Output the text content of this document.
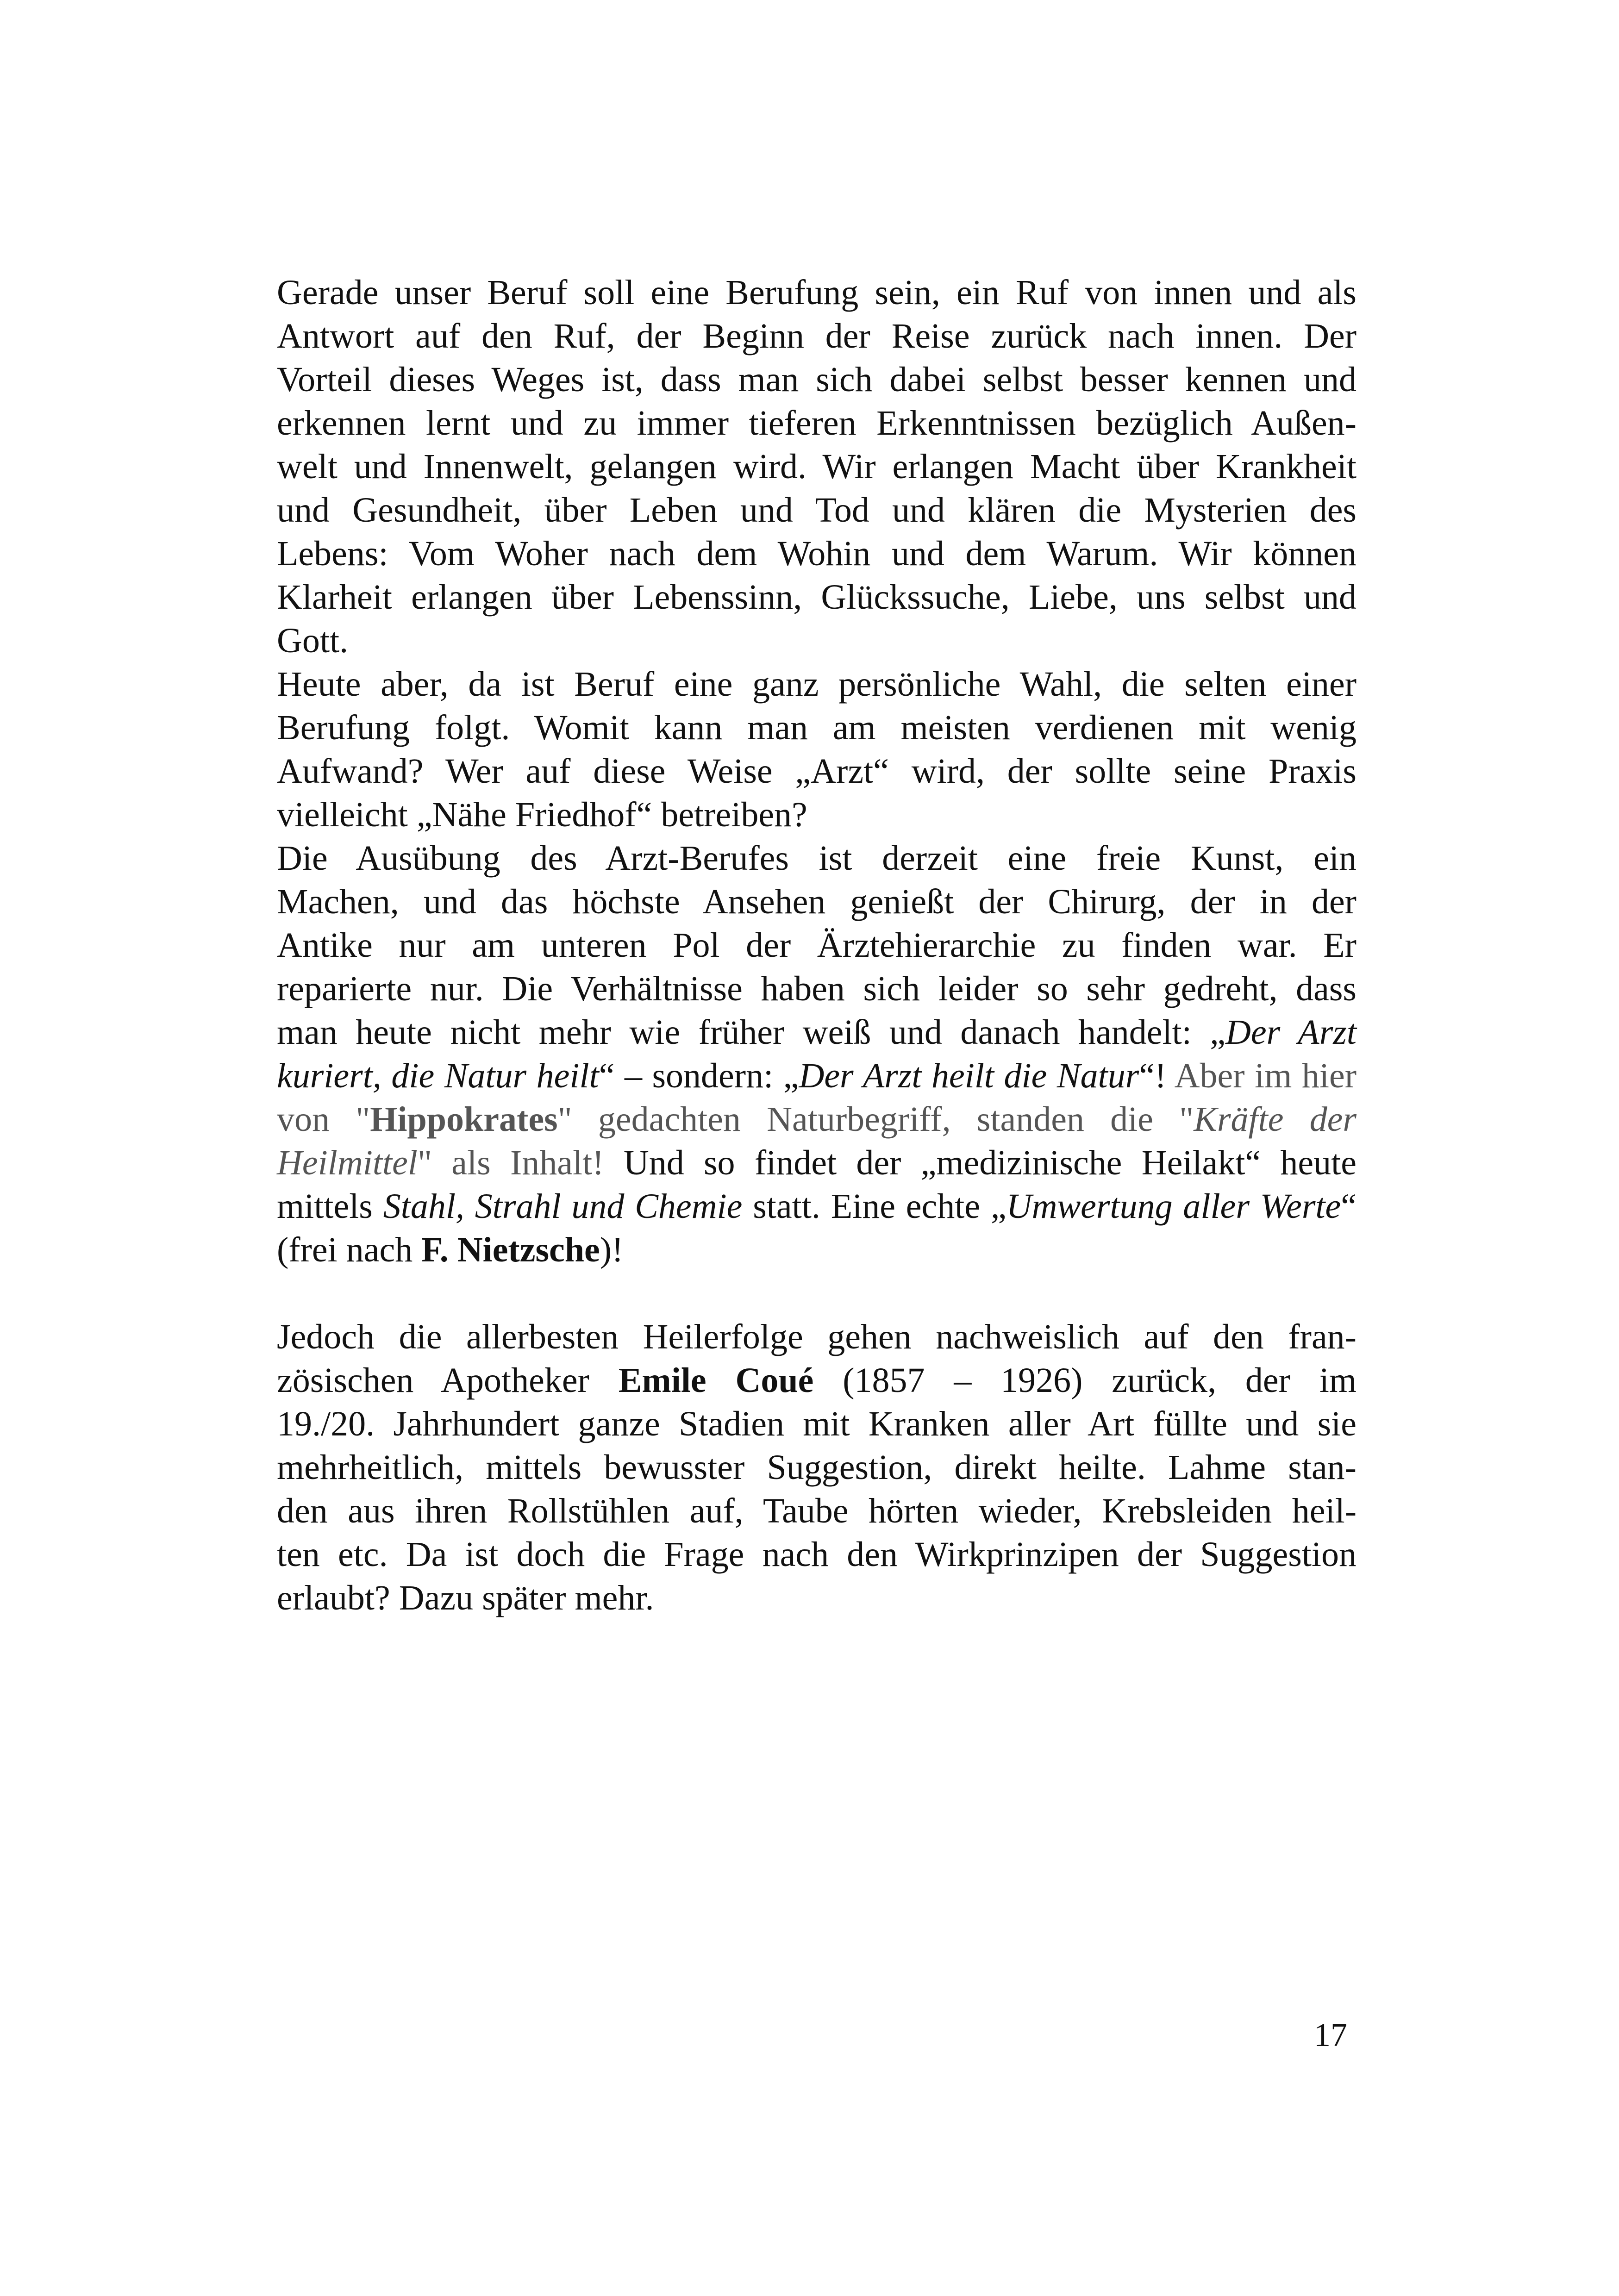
Gerade unser Beruf soll eine Berufung sein, ein Ruf von innen und als
Antwort auf den Ruf, der Beginn der Reise zurück nach innen. Der
Vorteil dieses Weges ist, dass man sich dabei selbst besser kennen und
erkennen lernt und zu immer tieferen Erkenntnissen bezüglich Außen-
welt und Innenwelt, gelangen wird. Wir erlangen Macht über Krankheit
und Gesundheit, über Leben und Tod und klären die Mysterien des
Lebens: Vom Woher nach dem Wohin und dem Warum. Wir können
Klarheit erlangen über Lebenssinn, Glückssuche, Liebe, uns selbst und
Gott.
Heute aber, da ist Beruf eine ganz persönliche Wahl, die selten einer
Berufung folgt. Womit kann man am meisten verdienen mit wenig
Aufwand? Wer auf diese Weise „Arzt“ wird, der sollte seine Praxis
vielleicht „Nähe Friedhof“ betreiben?
Die Ausübung des Arzt-Berufes ist derzeit eine freie Kunst, ein
Machen, und das höchste Ansehen genießt der Chirurg, der in der
Antike nur am unteren Pol der Ärztehierarchie zu finden war. Er
reparierte nur. Die Verhältnisse haben sich leider so sehr gedreht, dass
man heute nicht mehr wie früher weiß und danach handelt: „Der Arzt
kuriert, die Natur heilt“ – sondern: „Der Arzt heilt die Natur“! Aber im hier
von "Hippokrates" gedachten Naturbegriff, standen die "Kräfte der
Heilmittel" als Inhalt! Und so findet der „medizinische Heilakt“ heute
mittels Stahl, Strahl und Chemie statt. Eine echte „Umwertung aller Werte“
(frei nach F. Nietzsche)!
Jedoch die allerbesten Heilerfolge gehen nachweislich auf den fran-
zösischen Apotheker Emile Coué (1857 – 1926) zurück, der im
19./20. Jahrhundert ganze Stadien mit Kranken aller Art füllte und sie
mehrheitlich, mittels bewusster Suggestion, direkt heilte. Lahme stan-
den aus ihren Rollstühlen auf, Taube hörten wieder, Krebsleiden heil-
ten etc. Da ist doch die Frage nach den Wirkprinzipen der Suggestion
erlaubt? Dazu später mehr.
17
